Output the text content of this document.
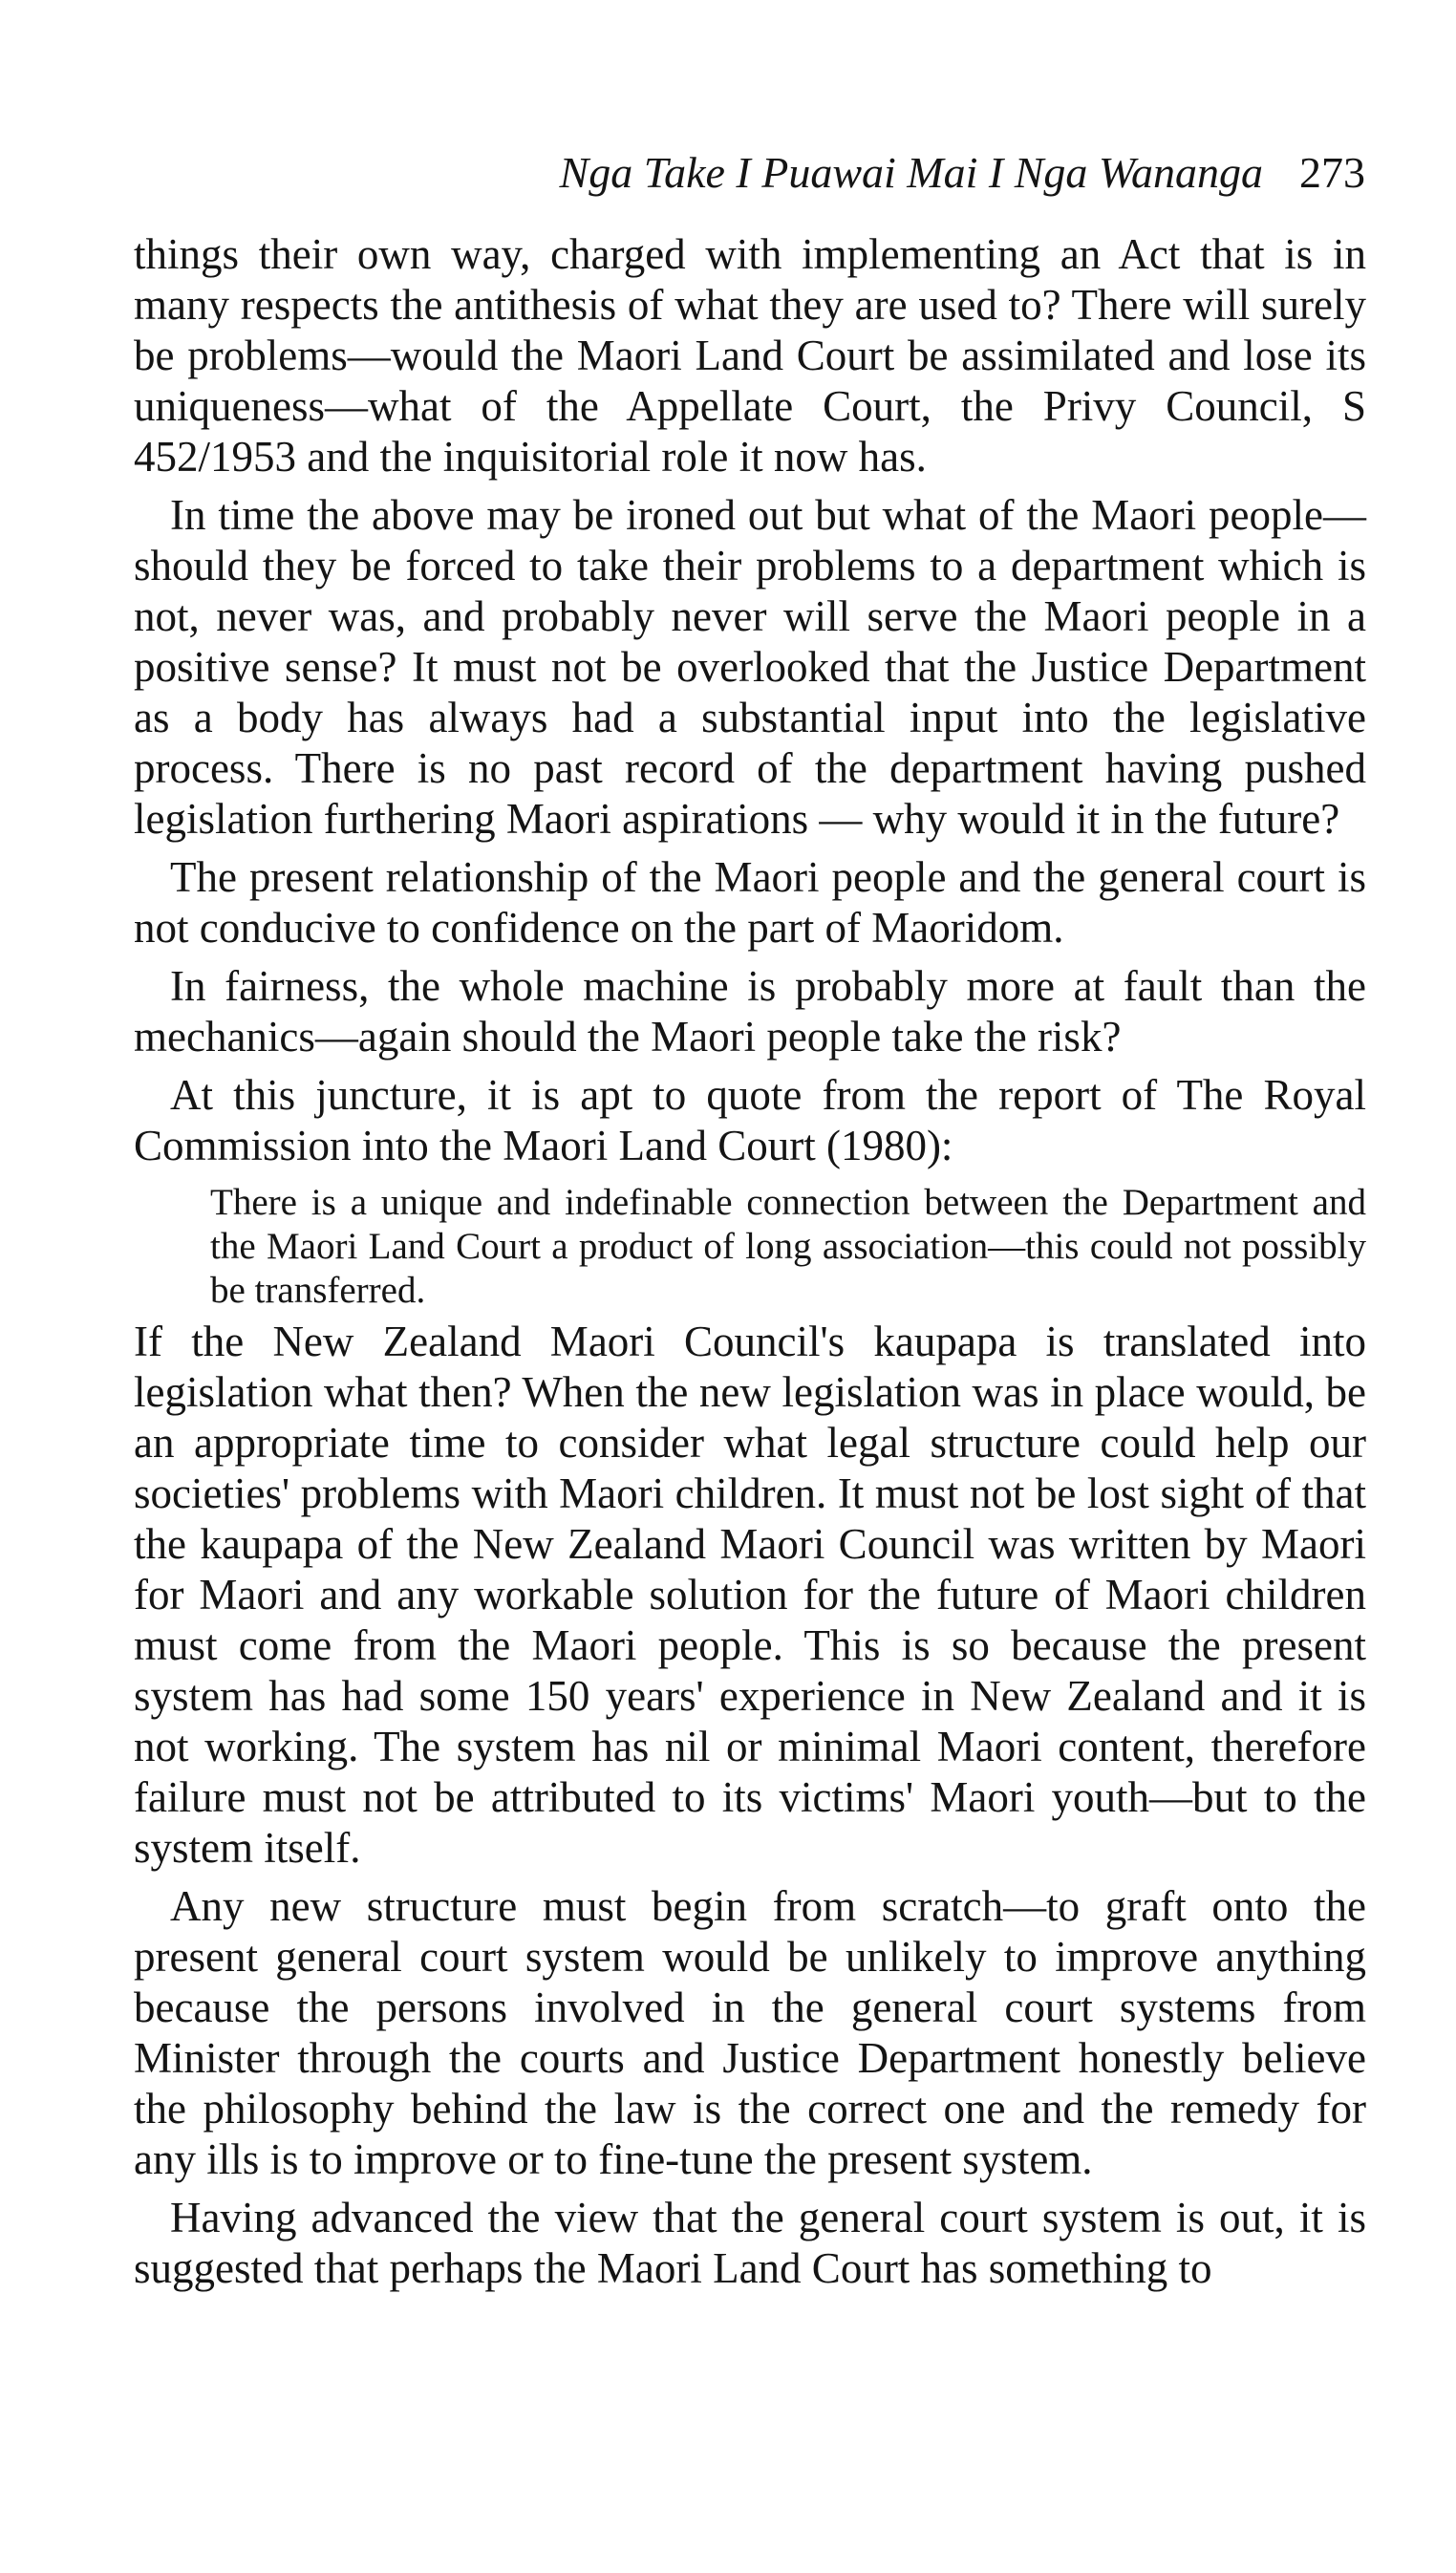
Nga Take I Puawai Mai I Nga Wananga 273

things their own way, charged with implementing an Act that is in many respects the antithesis of what they are used to? There will surely be problems—would the Maori Land Court be assimilated and lose its uniqueness—what of the Appellate Court, the Privy Council, S 452/1953 and the inquisitorial role it now has.

In time the above may be ironed out but what of the Maori people—should they be forced to take their problems to a department which is not, never was, and probably never will serve the Maori people in a positive sense? It must not be overlooked that the Justice Department as a body has always had a substantial input into the legislative process. There is no past record of the department having pushed legislation furthering Maori aspirations — why would it in the future?

The present relationship of the Maori people and the general court is not conducive to confidence on the part of Maoridom.

In fairness, the whole machine is probably more at fault than the mechanics—again should the Maori people take the risk?

At this juncture, it is apt to quote from the report of The Royal Commission into the Maori Land Court (1980):

There is a unique and indefinable connection between the Department and the Maori Land Court a product of long association—this could not possibly be transferred.

If the New Zealand Maori Council's kaupapa is translated into legislation what then? When the new legislation was in place would, be an appropriate time to consider what legal structure could help our societies' problems with Maori children. It must not be lost sight of that the kaupapa of the New Zealand Maori Council was written by Maori for Maori and any workable solution for the future of Maori children must come from the Maori people. This is so because the present system has had some 150 years' experience in New Zealand and it is not working. The system has nil or minimal Maori content, therefore failure must not be attributed to its victims' Maori youth—but to the system itself.

Any new structure must begin from scratch—to graft onto the present general court system would be unlikely to improve anything because the persons involved in the general court systems from Minister through the courts and Justice Department honestly believe the philosophy behind the law is the correct one and the remedy for any ills is to improve or to fine-tune the present system.

Having advanced the view that the general court system is out, it is suggested that perhaps the Maori Land Court has something to
